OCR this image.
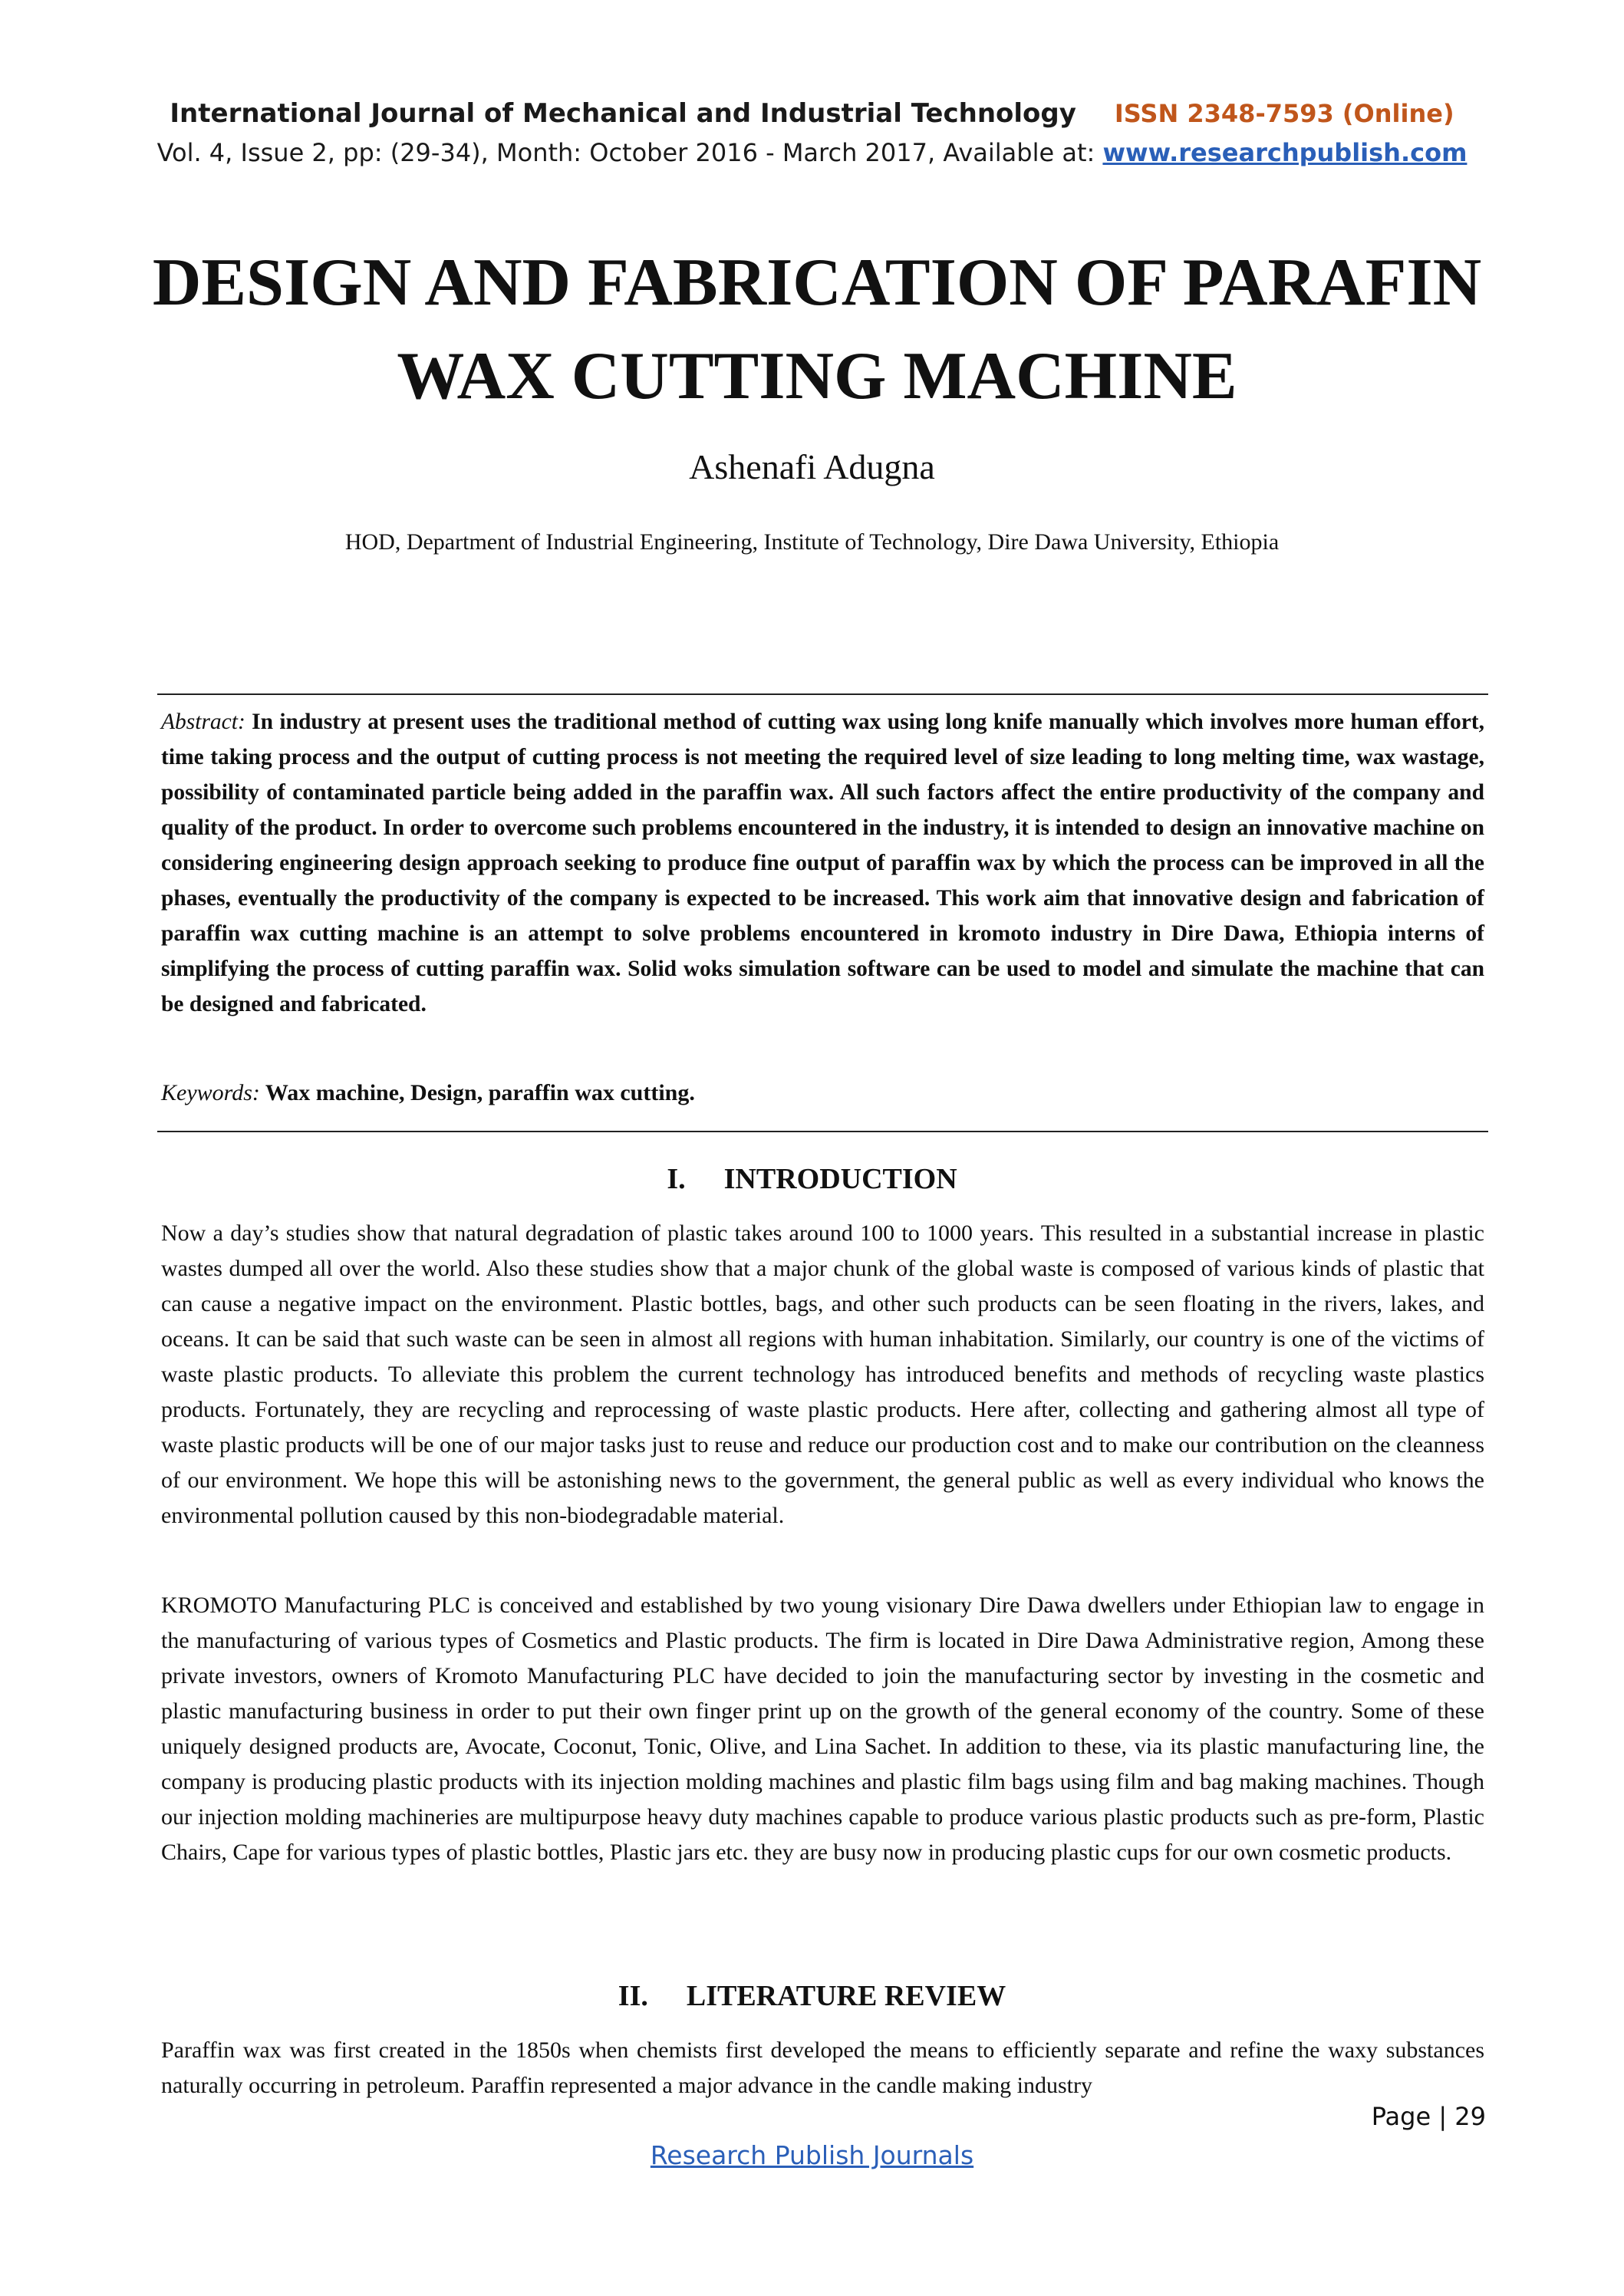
International Journal of Mechanical and Industrial Technology ISSN 2348-7593 (Online)
Vol. 4, Issue 2, pp: (29-34), Month: October 2016 - March 2017, Available at: www.researchpublish.com
DESIGN AND FABRICATION OF PARAFIN
WAX CUTTING MACHINE
Ashenafi Adugna
HOD, Department of Industrial Engineering, Institute of Technology, Dire Dawa University, Ethiopia
Abstract: In industry at present uses the traditional method of cutting wax using long knife manually which involves more human effort, time taking process and the output of cutting process is not meeting the required level of size leading to long melting time, wax wastage, possibility of contaminated particle being added in the paraffin wax. All such factors affect the entire productivity of the company and quality of the product. In order to overcome such problems encountered in the industry, it is intended to design an innovative machine on considering engineering design approach seeking to produce fine output of paraffin wax by which the process can be improved in all the phases, eventually the productivity of the company is expected to be increased. This work aim that innovative design and fabrication of paraffin wax cutting machine is an attempt to solve problems encountered in kromoto industry in Dire Dawa, Ethiopia interns of simplifying the process of cutting paraffin wax. Solid woks simulation software can be used to model and simulate the machine that can be designed and fabricated.
Keywords: Wax machine, Design, paraffin wax cutting.
I. INTRODUCTION
Now a day’s studies show that natural degradation of plastic takes around 100 to 1000 years. This resulted in a substantial increase in plastic wastes dumped all over the world. Also these studies show that a major chunk of the global waste is composed of various kinds of plastic that can cause a negative impact on the environment. Plastic bottles, bags, and other such products can be seen floating in the rivers, lakes, and oceans. It can be said that such waste can be seen in almost all regions with human inhabitation. Similarly, our country is one of the victims of waste plastic products. To alleviate this problem the current technology has introduced benefits and methods of recycling waste plastics products. Fortunately, they are recycling and reprocessing of waste plastic products. Here after, collecting and gathering almost all type of waste plastic products will be one of our major tasks just to reuse and reduce our production cost and to make our contribution on the cleanness of our environment. We hope this will be astonishing news to the government, the general public as well as every individual who knows the environmental pollution caused by this non-biodegradable material.
KROMOTO Manufacturing PLC is conceived and established by two young visionary Dire Dawa dwellers under Ethiopian law to engage in the manufacturing of various types of Cosmetics and Plastic products. The firm is located in Dire Dawa Administrative region, Among these private investors, owners of Kromoto Manufacturing PLC have decided to join the manufacturing sector by investing in the cosmetic and plastic manufacturing business in order to put their own finger print up on the growth of the general economy of the country. Some of these uniquely designed products are, Avocate, Coconut, Tonic, Olive, and Lina Sachet. In addition to these, via its plastic manufacturing line, the company is producing plastic products with its injection molding machines and plastic film bags using film and bag making machines. Though our injection molding machineries are multipurpose heavy duty machines capable to produce various plastic products such as pre-form, Plastic Chairs, Cape for various types of plastic bottles, Plastic jars etc. they are busy now in producing plastic cups for our own cosmetic products.
II. LITERATURE REVIEW
Paraffin wax was first created in the 1850s when chemists first developed the means to efficiently separate and refine the waxy substances naturally occurring in petroleum. Paraffin represented a major advance in the candle making industry
Page | 29
Research Publish Journals
